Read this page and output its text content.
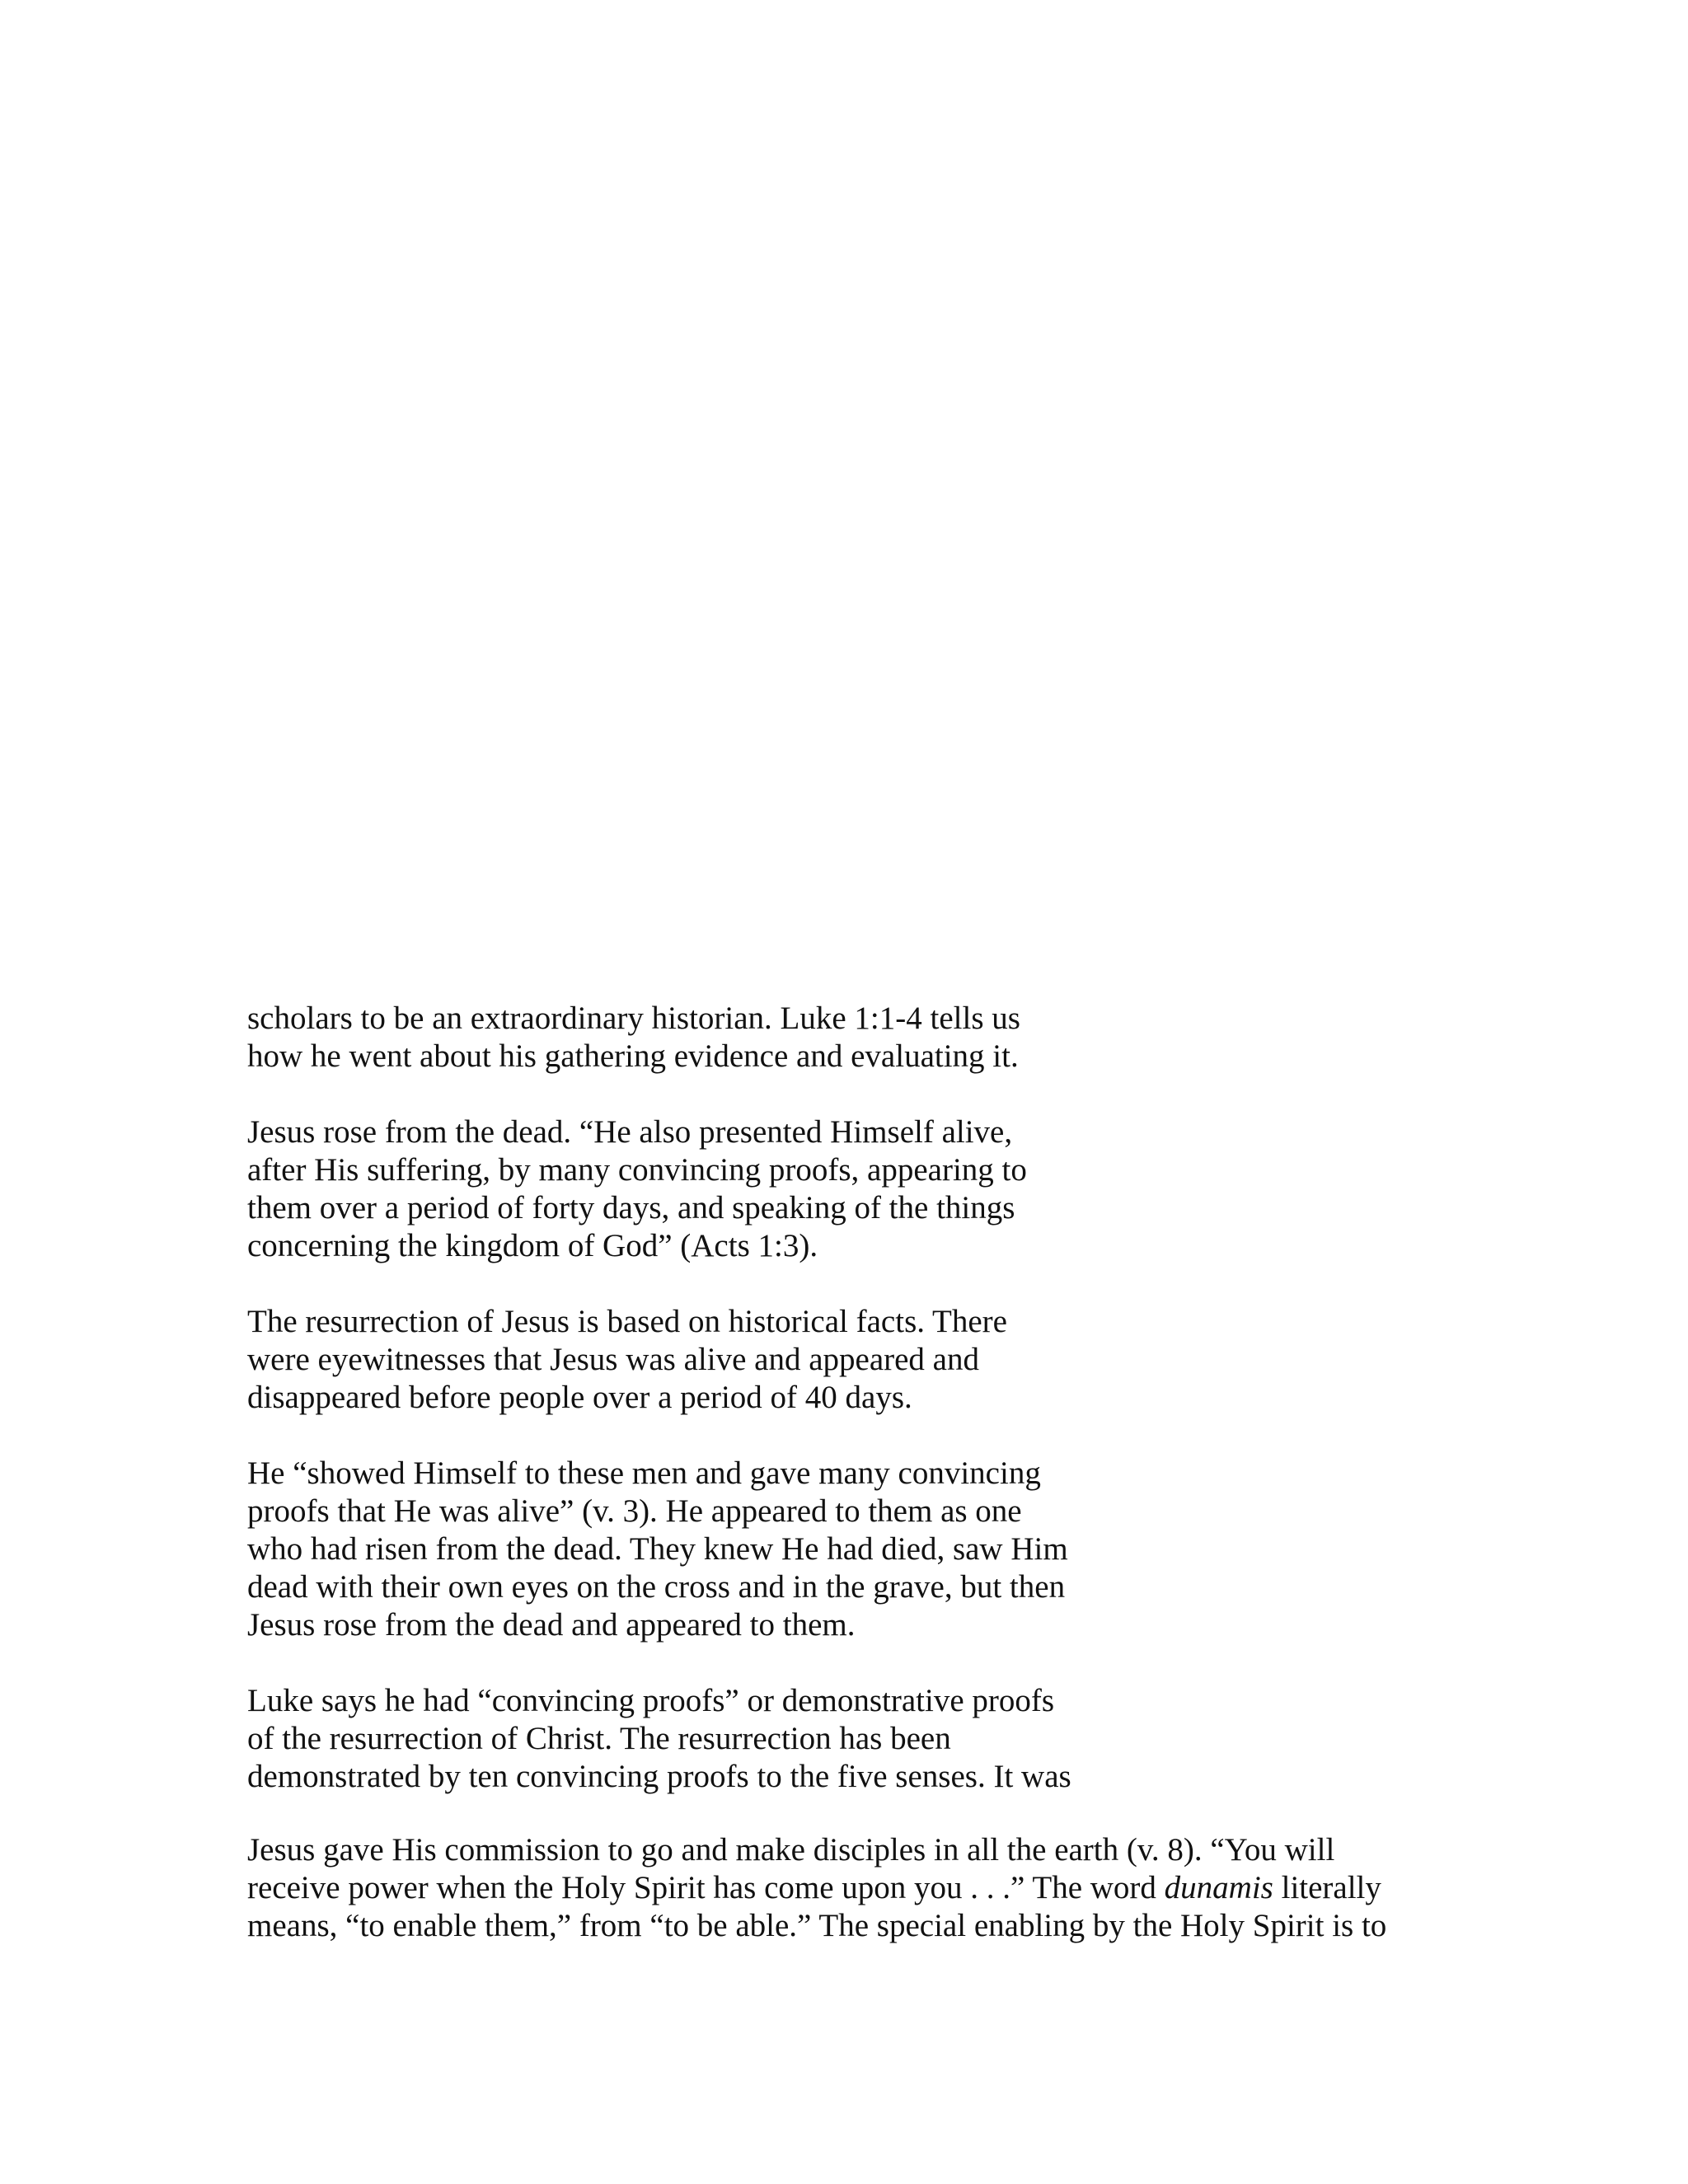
scholars to be an extraordinary historian. Luke 1:1-4 tells us
how he went about his gathering evidence and evaluating it.

Jesus rose from the dead. “He also presented Himself alive,
after His suffering, by many convincing proofs, appearing to
them over a period of forty days, and speaking of the things
concerning the kingdom of God” (Acts 1:3).

The resurrection of Jesus is based on historical facts. There
were eyewitnesses that Jesus was alive and appeared and
disappeared before people over a period of 40 days.

He “showed Himself to these men and gave many convincing
proofs that He was alive” (v. 3). He appeared to them as one
who had risen from the dead. They knew He had died, saw Him
dead with their own eyes on the cross and in the grave, but then
Jesus rose from the dead and appeared to them.

Luke says he had “convincing proofs” or demonstrative proofs
of the resurrection of Christ. The resurrection has been
demonstrated by ten convincing proofs to the five senses. It was

Jesus gave His commission to go and make disciples in all the earth (v. 8). “You will
receive power when the Holy Spirit has come upon you . . .” The word dunamis literally
means, “to enable them,” from “to be able.” The special enabling by the Holy Spirit is to
